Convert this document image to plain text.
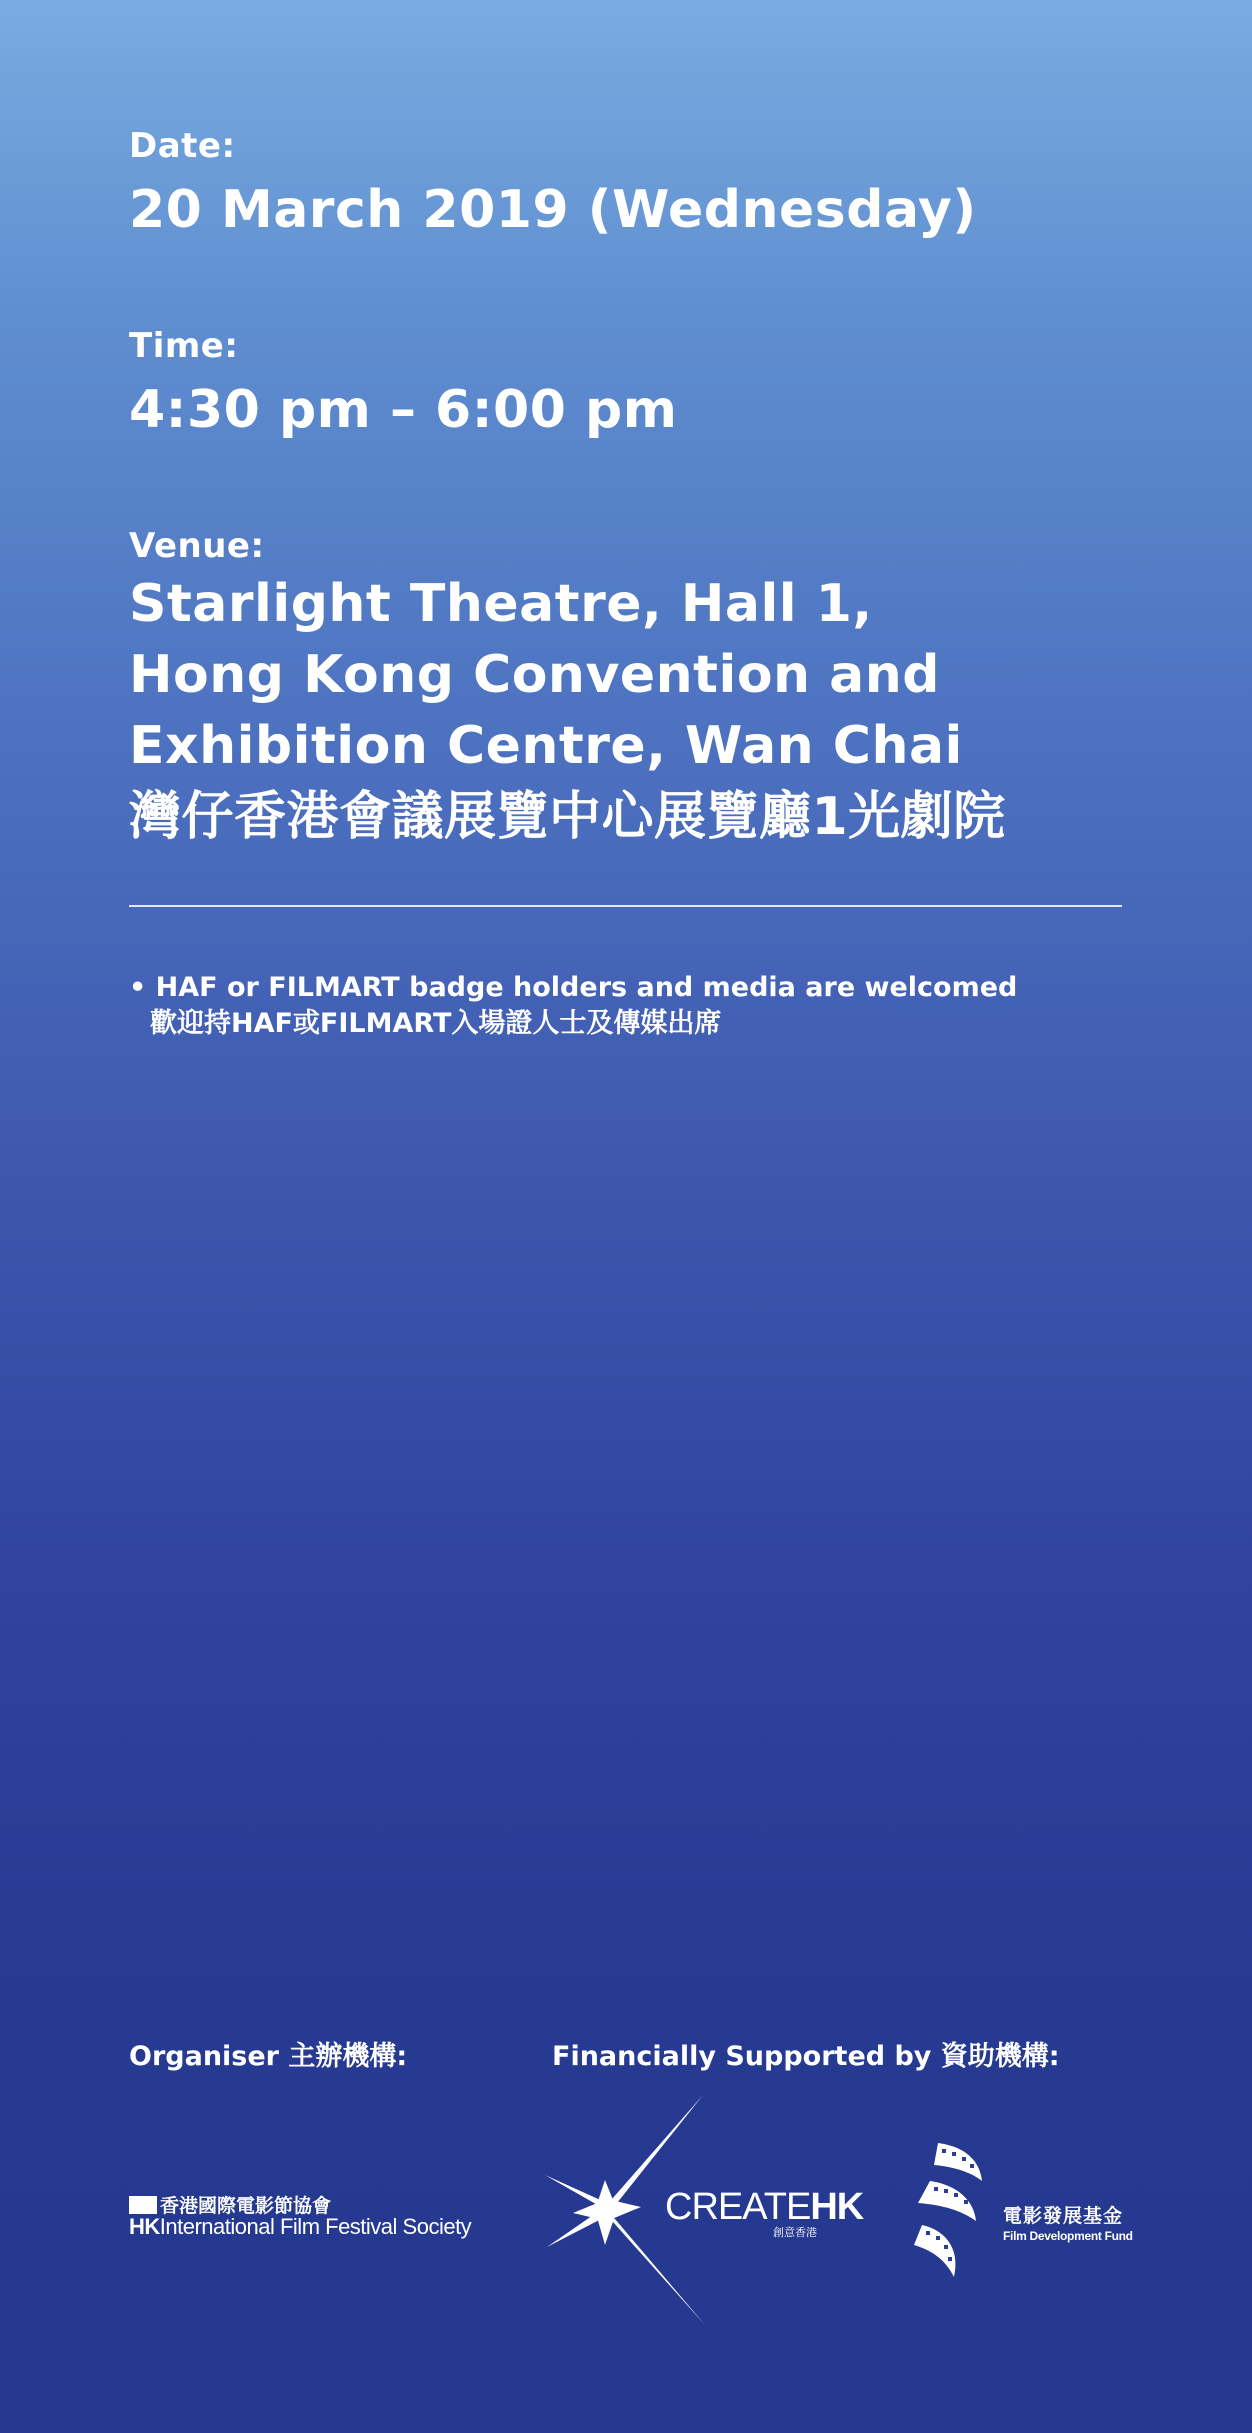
Date:
20 March 2019 (Wednesday)
Time:
4:30 pm – 6:00 pm
Venue:
Starlight Theatre, Hall 1,
Hong Kong Convention and
Exhibition Centre, Wan Chai
灣仔香港會議展覽中心展覽廳1光劇院
• HAF or FILMART badge holders and media are welcomed
歡迎持HAF或FILMART入場證人士及傳媒出席
Organiser 主辦機構:	Financially Supported by 資助機構:
香港國際電影節協會
HKInternational Film Festival Society	CREATEHK
創意香港
電影發展基金
Film Development Fund
